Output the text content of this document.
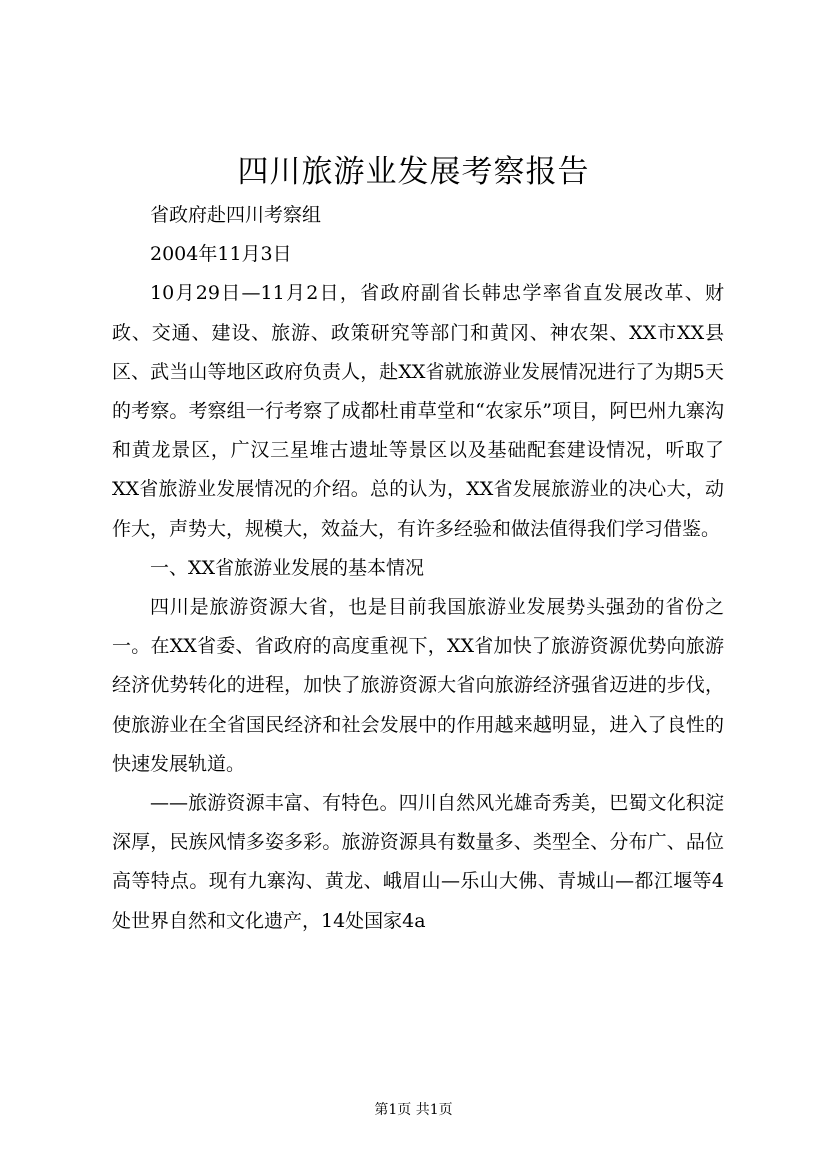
四川旅游业发展考察报告

省政府赴四川考察组

2004年11月3日

10月29日—11月2日，省政府副省长韩忠学率省直发展改革、财政、交通、建设、旅游、政策研究等部门和黄冈、神农架、XX市XX县区、武当山等地区政府负责人，赴XX省就旅游业发展情况进行了为期5天的考察。考察组一行考察了成都杜甫草堂和“农家乐”项目，阿巴州九寨沟和黄龙景区，广汉三星堆古遗址等景区以及基础配套建设情况，听取了XX省旅游业发展情况的介绍。总的认为，XX省发展旅游业的决心大，动作大，声势大，规模大，效益大，有许多经验和做法值得我们学习借鉴。

一、XX省旅游业发展的基本情况

四川是旅游资源大省，也是目前我国旅游业发展势头强劲的省份之一。在XX省委、省政府的高度重视下，XX省加快了旅游资源优势向旅游经济优势转化的进程，加快了旅游资源大省向旅游经济强省迈进的步伐，使旅游业在全省国民经济和社会发展中的作用越来越明显，进入了良性的快速发展轨道。

——旅游资源丰富、有特色。四川自然风光雄奇秀美，巴蜀文化积淀深厚，民族风情多姿多彩。旅游资源具有数量多、类型全、分布广、品位高等特点。现有九寨沟、黄龙、峨眉山—乐山大佛、青城山—都江堰等4处世界自然和文化遗产，14处国家4a

第1页 共1页
